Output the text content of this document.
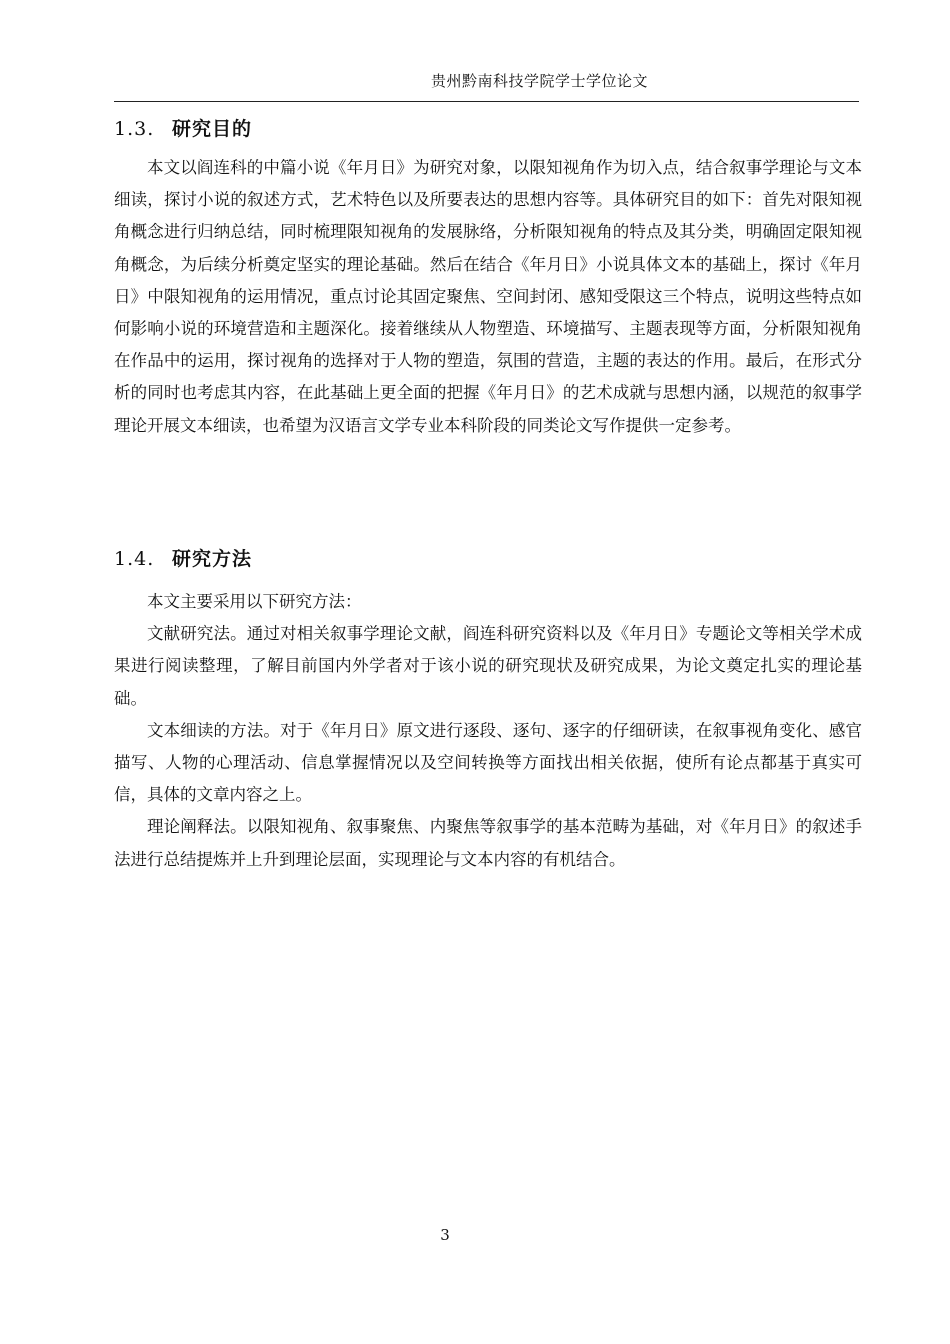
贵州黔南科技学院学士学位论文
1.3. 研究目的

本文以阎连科的中篇小说《年月日》为研究对象，以限知视角作为切入点，结合叙事学理论与文本细读，探讨小说的叙述方式，艺术特色以及所要表达的思想内容等。具体研究目的如下：首先对限知视角概念进行归纳总结，同时梳理限知视角的发展脉络，分析限知视角的特点及其分类，明确固定限知视角概念，为后续分析奠定坚实的理论基础。然后在结合《年月日》小说具体文本的基础上，探讨《年月日》中限知视角的运用情况，重点讨论其固定聚焦、空间封闭、感知受限这三个特点，说明这些特点如何影响小说的环境营造和主题深化。接着继续从人物塑造、环境描写、主题表现等方面，分析限知视角在作品中的运用，探讨视角的选择对于人物的塑造，氛围的营造，主题的表达的作用。最后，在形式分析的同时也考虑其内容，在此基础上更全面的把握《年月日》的艺术成就与思想内涵，以规范的叙事学理论开展文本细读，也希望为汉语言文学专业本科阶段的同类论文写作提供一定参考。

1.4. 研究方法

本文主要采用以下研究方法：

文献研究法。通过对相关叙事学理论文献，阎连科研究资料以及《年月日》专题论文等相关学术成果进行阅读整理，了解目前国内外学者对于该小说的研究现状及研究成果，为论文奠定扎实的理论基础。

文本细读的方法。对于《年月日》原文进行逐段、逐句、逐字的仔细研读，在叙事视角变化、感官描写、人物的心理活动、信息掌握情况以及空间转换等方面找出相关依据，使所有论点都基于真实可信，具体的文章内容之上。

理论阐释法。以限知视角、叙事聚焦、内聚焦等叙事学的基本范畴为基础，对《年月日》的叙述手法进行总结提炼并上升到理论层面，实现理论与文本内容的有机结合。

3
